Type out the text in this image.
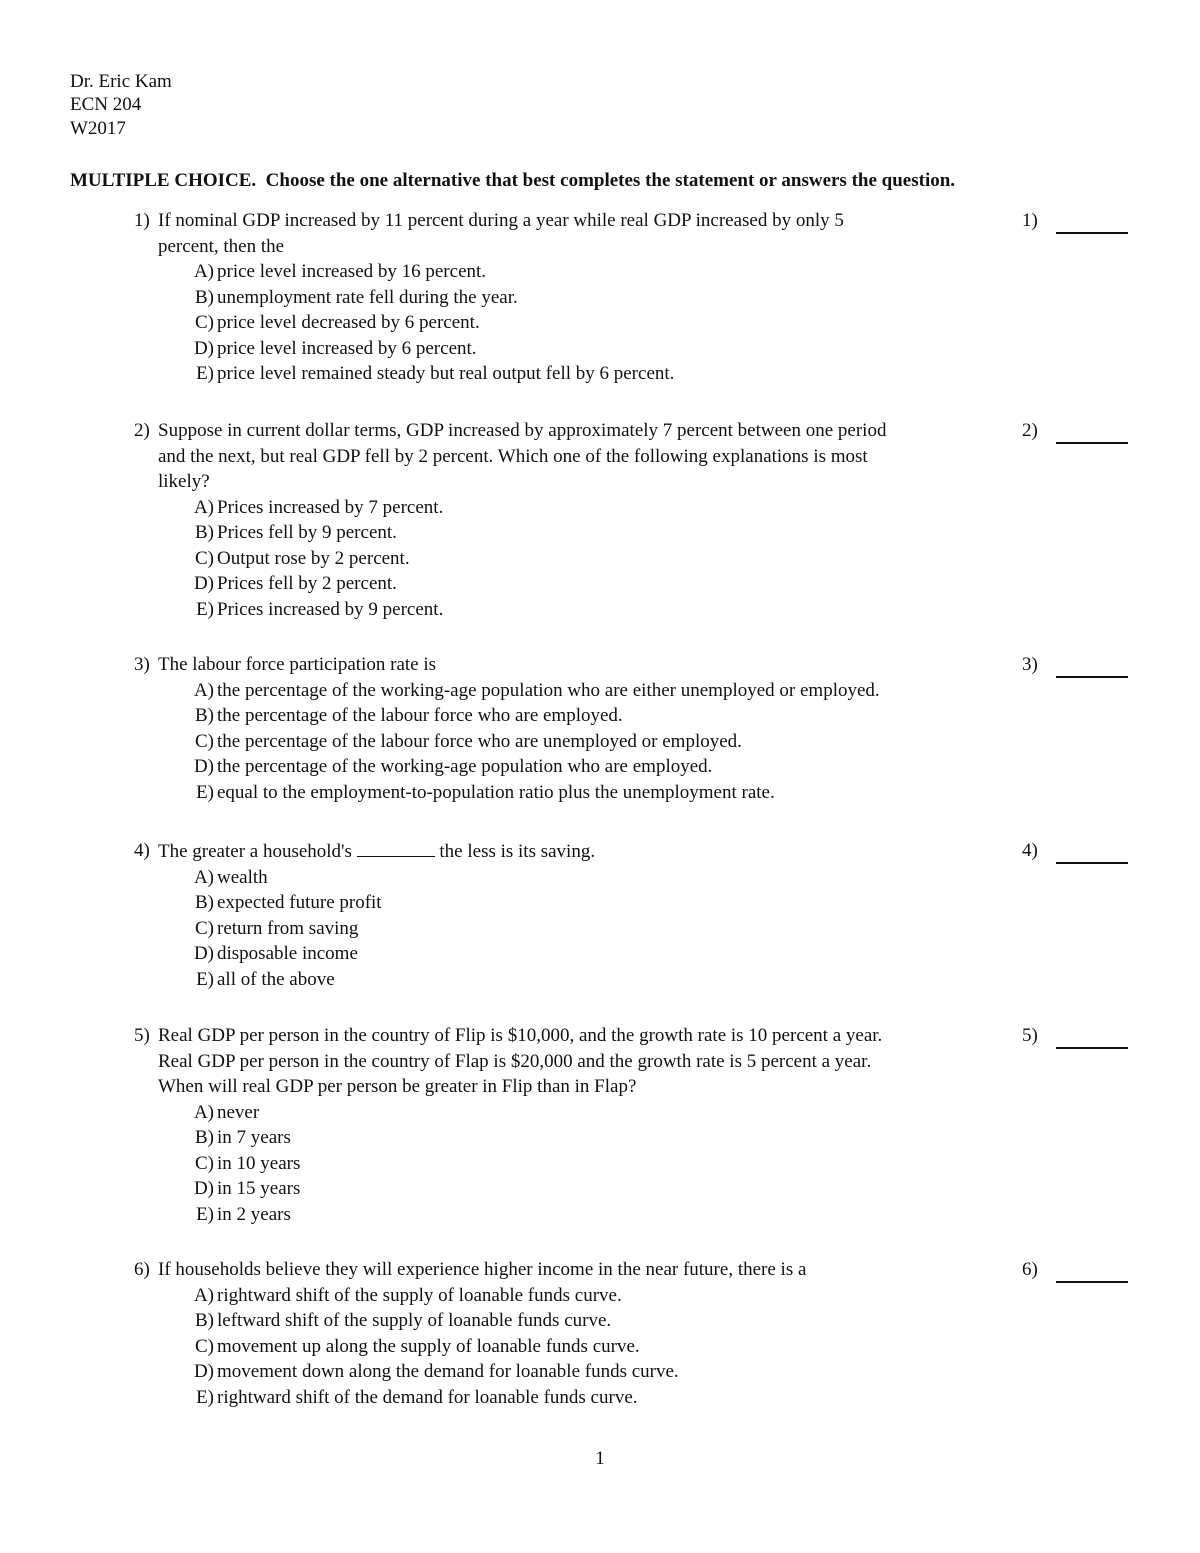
Dr. Eric Kam
ECN 204
W2017
MULTIPLE CHOICE. Choose the one alternative that best completes the statement or answers the question.
1) If nominal GDP increased by 11 percent during a year while real GDP increased by only 5
percent, then the
A) price level increased by 16 percent.
B) unemployment rate fell during the year.
C) price level decreased by 6 percent.
D) price level increased by 6 percent.
E) price level remained steady but real output fell by 6 percent.
1)
2) Suppose in current dollar terms, GDP increased by approximately 7 percent between one period
and the next, but real GDP fell by 2 percent. Which one of the following explanations is most
likely?
A) Prices increased by 7 percent.
B) Prices fell by 9 percent.
C) Output rose by 2 percent.
D) Prices fell by 2 percent.
E) Prices increased by 9 percent.
2)
3) The labour force participation rate is
A) the percentage of the working-age population who are either unemployed or employed.
B) the percentage of the labour force who are employed.
C) the percentage of the labour force who are unemployed or employed.
D) the percentage of the working-age population who are employed.
E) equal to the employment-to-population ratio plus the unemployment rate.
3)
4) The greater a household's	the less is its saving.
A) wealth
B) expected future profit
C) return from saving
D) disposable income
E) all of the above
4)
5) Real GDP per person in the country of Flip is $10,000, and the growth rate is 10 percent a year.
Real GDP per person in the country of Flap is $20,000 and the growth rate is 5 percent a year.
When will real GDP per person be greater in Flip than in Flap?
A) never
B) in 7 years
C) in 10 years
D) in 15 years
E) in 2 years
5)
6) If households believe they will experience higher income in the near future, there is a
A) rightward shift of the supply of loanable funds curve.
B) leftward shift of the supply of loanable funds curve.
C) movement up along the supply of loanable funds curve.
D) movement down along the demand for loanable funds curve.
E) rightward shift of the demand for loanable funds curve.
6)
1
